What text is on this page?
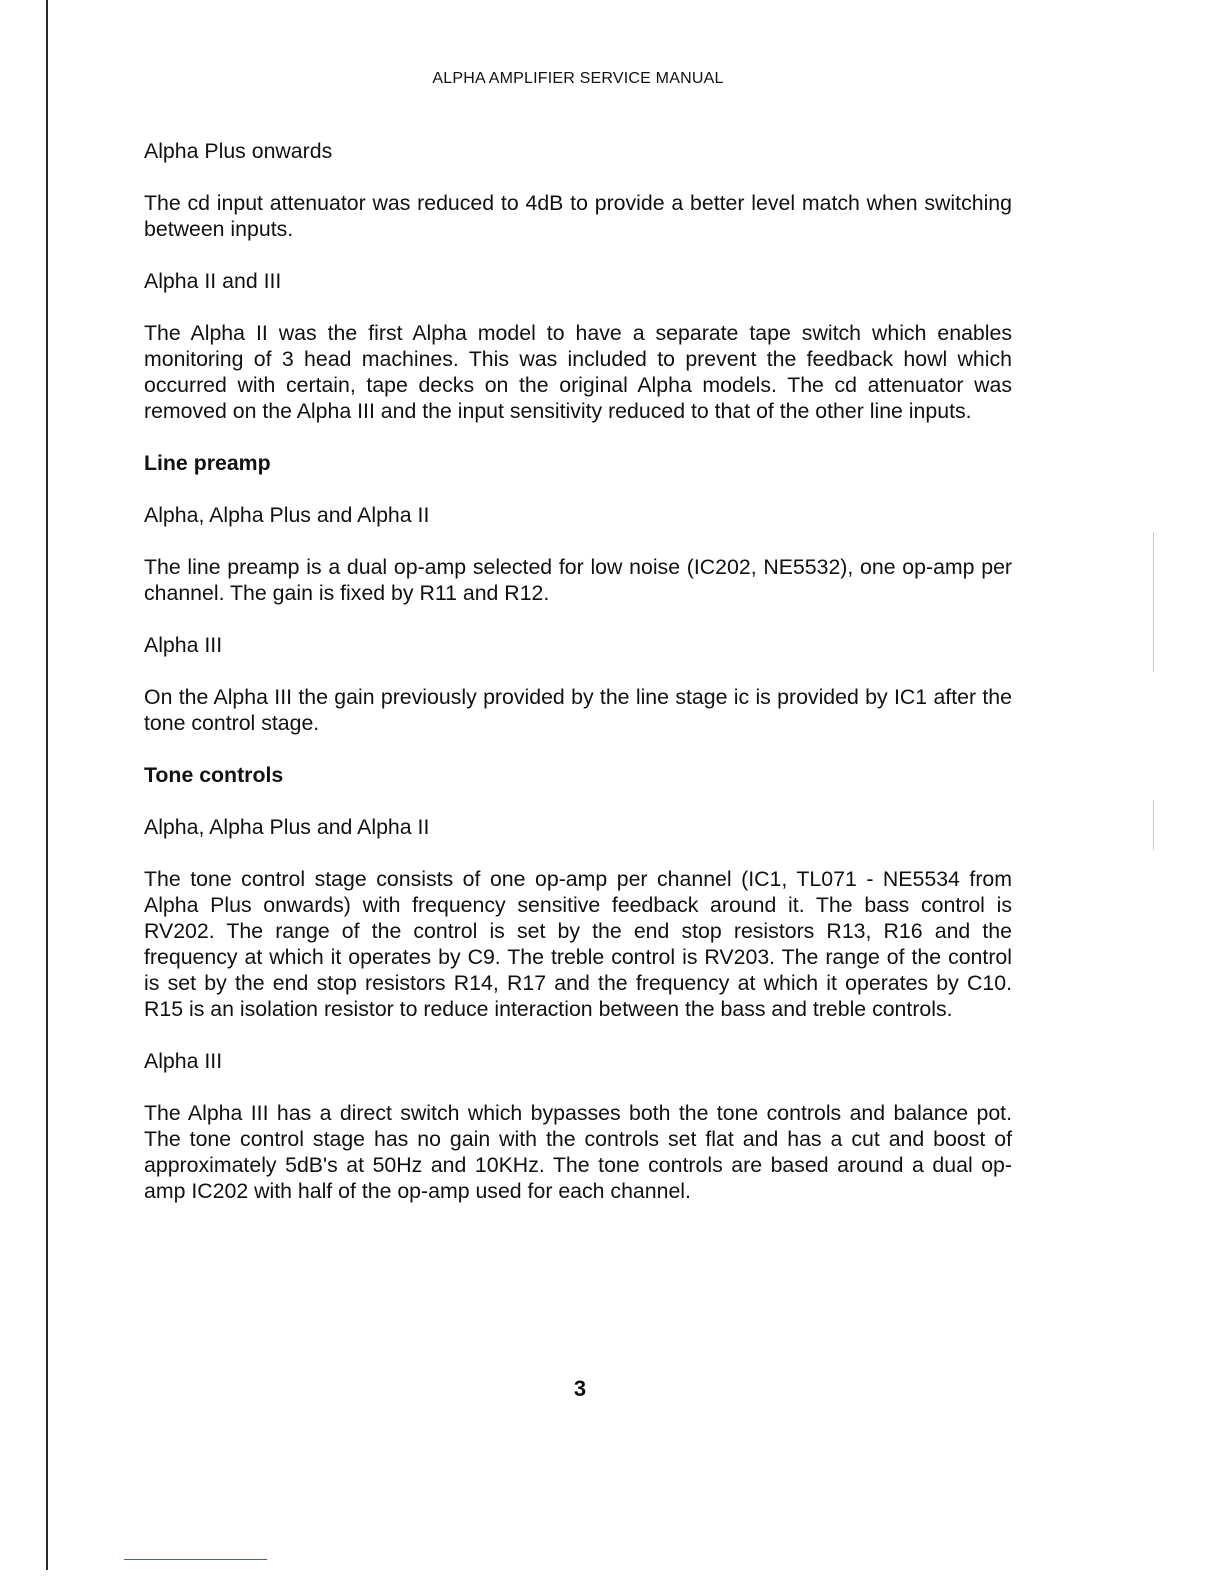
ALPHA AMPLIFIER SERVICE MANUAL

Alpha Plus onwards

The cd input attenuator was reduced to 4dB to provide a better level match when switching between inputs.

Alpha II and III

The Alpha II was the first Alpha model to have a separate tape switch which enables monitoring of 3 head machines. This was included to prevent the feedback howl which occurred with certain, tape decks on the original Alpha models. The cd attenuator was removed on the Alpha III and the input sensitivity reduced to that of the other line inputs.

Line preamp

Alpha, Alpha Plus and Alpha II

The line preamp is a dual op-amp selected for low noise (IC202, NE5532), one op-amp per channel. The gain is fixed by R11 and R12.

Alpha III

On the Alpha III the gain previously provided by the line stage ic is provided by IC1 after the tone control stage.

Tone controls

Alpha, Alpha Plus and Alpha II

The tone control stage consists of one op-amp per channel (IC1, TL071 - NE5534 from Alpha Plus onwards) with frequency sensitive feedback around it. The bass control is RV202. The range of the control is set by the end stop resistors R13, R16 and the frequency at which it operates by C9. The treble control is RV203. The range of the control is set by the end stop resistors R14, R17 and the frequency at which it operates by C10. R15 is an isolation resistor to reduce interaction between the bass and treble controls.

Alpha III

The Alpha III has a direct switch which bypasses both the tone controls and balance pot. The tone control stage has no gain with the controls set flat and has a cut and boost of approximately 5dB's at 50Hz and 10KHz. The tone controls are based around a dual op-amp IC202 with half of the op-amp used for each channel.

3
